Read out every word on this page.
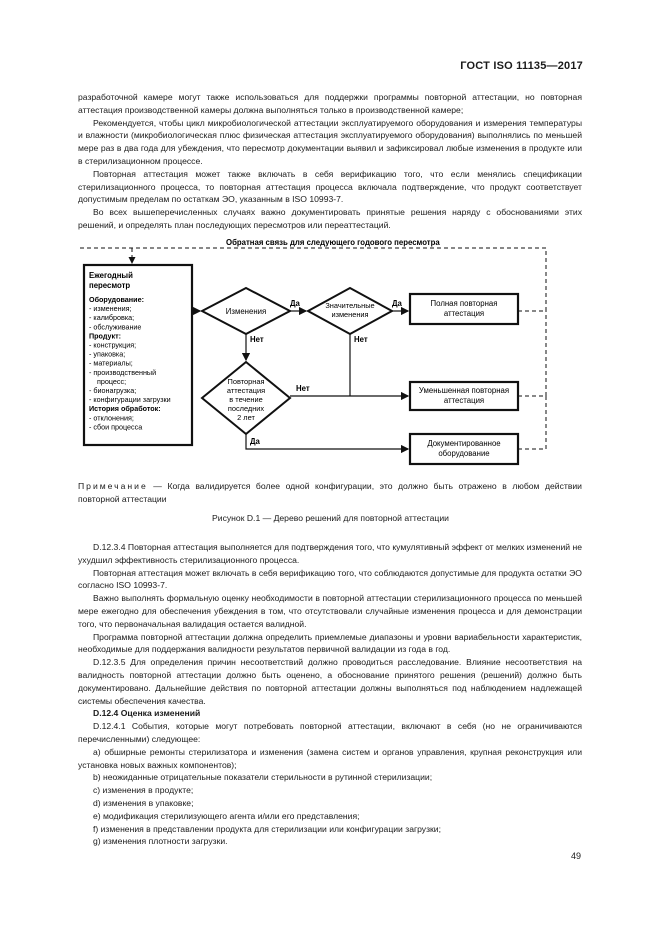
ГОСТ ISO 11135—2017

разработочной камере могут также использоваться для поддержки программы повторной аттестации, но повторная аттестация производственной камеры должна выполняться только в производственной камере;

Рекомендуется, чтобы цикл микробиологической аттестации эксплуатируемого оборудования и измерения температуры и влажности (микробиологическая плюс физическая аттестация эксплуатируемого оборудования) выполнялись по меньшей мере раз в два года для убеждения, что пересмотр документации выявил и зафиксировал любые изменения в продукте или в стерилизационном процессе.

Повторная аттестация может также включать в себя верификацию того, что если менялись спецификации стерилизационного процесса, то повторная аттестация процесса включала подтверждение, что продукт соответствует допустимым пределам по остаткам ЭО, указанным в ISO 10993-7.

Во всех вышеперечисленных случаях важно документировать принятые решения наряду с обоснованиями этих решений, и определять план последующих пересмотров или переаттестаций.

Обратная связь для следующего годового пересмотра
Ежегодный
пересмотр
Оборудование:
- изменения;
- калибровка;
- обслуживание
Продукт:
- конструкция;
- упаковка;
- материалы;
- производственный
процесс;
- бионагрузка;
- конфигурации загрузки
История обработок:
- отклонения;
- сбои процесса
Изменения
Да	Значительные
изменения
Да	Полная повторная
аттестация
Нет	Нет
Повторная
аттестация
в течение
последних
2 лет
Нет	Уменьшенная повторная
аттестация
Да	Документированное
оборудование
Примечание — Когда валидируется более одной конфигурации, это должно быть отражено в любом действии повторной аттестации
Рисунок D.1 — Дерево решений для повторной аттестации

D.12.3.4 Повторная аттестация выполняется для подтверждения того, что кумулятивный эффект от мелких изменений не ухудшил эффективность стерилизационного процесса.

Повторная аттестация может включать в себя верификацию того, что соблюдаются допустимые для продукта остатки ЭО согласно ISO 10993-7.

Важно выполнять формальную оценку необходимости в повторной аттестации стерилизационного процесса по меньшей мере ежегодно для обеспечения убеждения в том, что отсутствовали случайные изменения процесса и для демонстрации того, что первоначальная валидация остается валидной.

Программа повторной аттестации должна определить приемлемые диапазоны и уровни вариабельности характеристик, необходимые для поддержания валидности результатов первичной валидации из года в год.

D.12.3.5 Для определения причин несоответствий должно проводиться расследование. Влияние несоответствия на валидность повторной аттестации должно быть оценено, а обоснование принятого решения (решений) должно быть документировано. Дальнейшие действия по повторной аттестации должны выполняться под наблюдением надлежащей системы обеспечения качества.

D.12.4 Оценка изменений

D.12.4.1 События, которые могут потребовать повторной аттестации, включают в себя (но не ограничиваются перечисленными) следующее:

a) обширные ремонты стерилизатора и изменения (замена систем и органов управления, крупная реконструкция или установка новых важных компонентов);

b) неожиданные отрицательные показатели стерильности в рутинной стерилизации;

c) изменения в продукте;

d) изменения в упаковке;

e) модификация стерилизующего агента и/или его представления;

f) изменения в представлении продукта для стерилизации или конфигурации загрузки;

g) изменения плотности загрузки.

49
